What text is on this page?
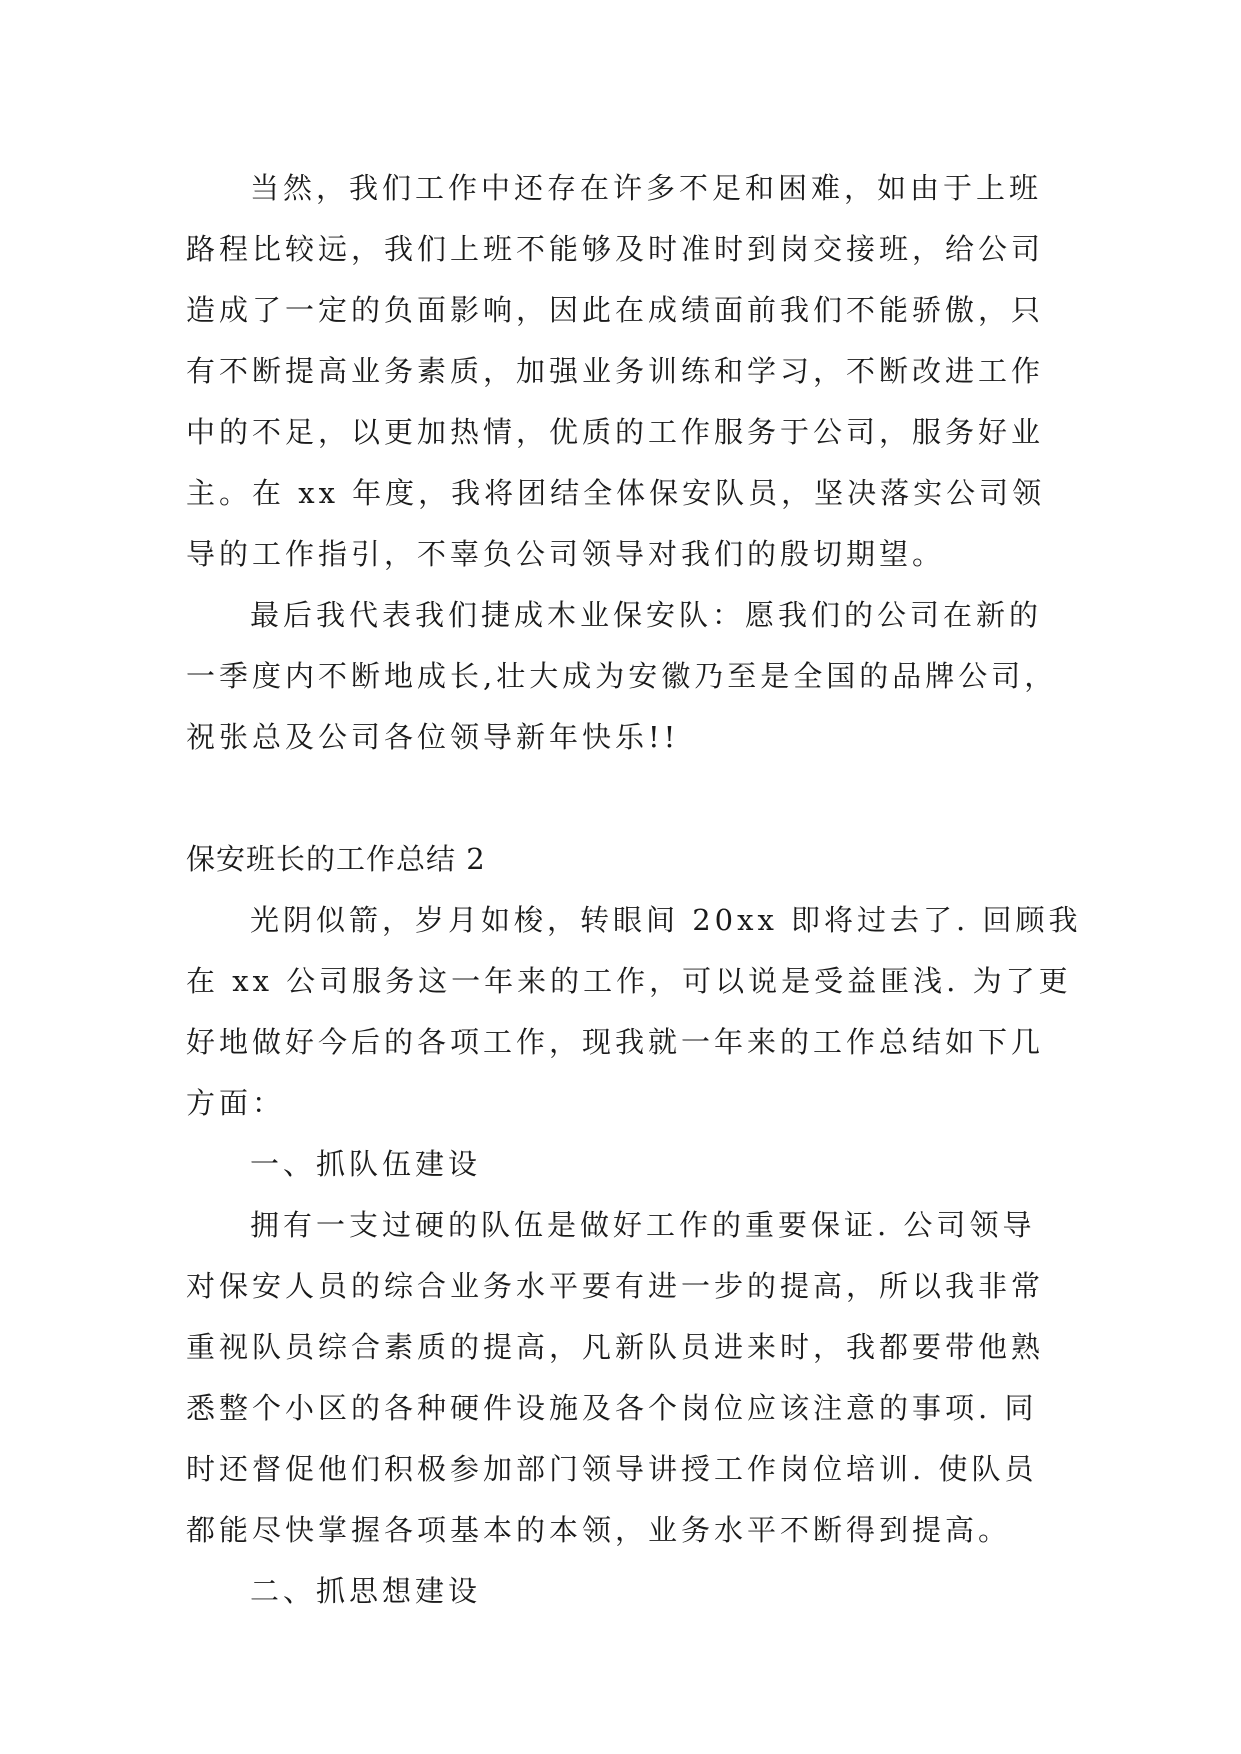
当然，我们工作中还存在许多不足和困难，如由于上班
路程比较远，我们上班不能够及时准时到岗交接班，给公司
造成了一定的负面影响，因此在成绩面前我们不能骄傲，只
有不断提高业务素质，加强业务训练和学习，不断改进工作
中的不足，以更加热情，优质的工作服务于公司，服务好业
主。在 xx 年度，我将团结全体保安队员，坚决落实公司领
导的工作指引，不辜负公司领导对我们的殷切期望。
最后我代表我们捷成木业保安队：愿我们的公司在新的
一季度内不断地成长,壮大成为安徽乃至是全国的品牌公司，
祝张总及公司各位领导新年快乐!!
保安班长的工作总结 2
光阴似箭，岁月如梭，转眼间 20xx 即将过去了. 回顾我
在 xx 公司服务这一年来的工作，可以说是受益匪浅. 为了更
好地做好今后的各项工作，现我就一年来的工作总结如下几
方面：
一、抓队伍建设
拥有一支过硬的队伍是做好工作的重要保证. 公司领导
对保安人员的综合业务水平要有进一步的提高，所以我非常
重视队员综合素质的提高，凡新队员进来时，我都要带他熟
悉整个小区的各种硬件设施及各个岗位应该注意的事项. 同
时还督促他们积极参加部门领导讲授工作岗位培训. 使队员
都能尽快掌握各项基本的本领，业务水平不断得到提高。
二、抓思想建设
